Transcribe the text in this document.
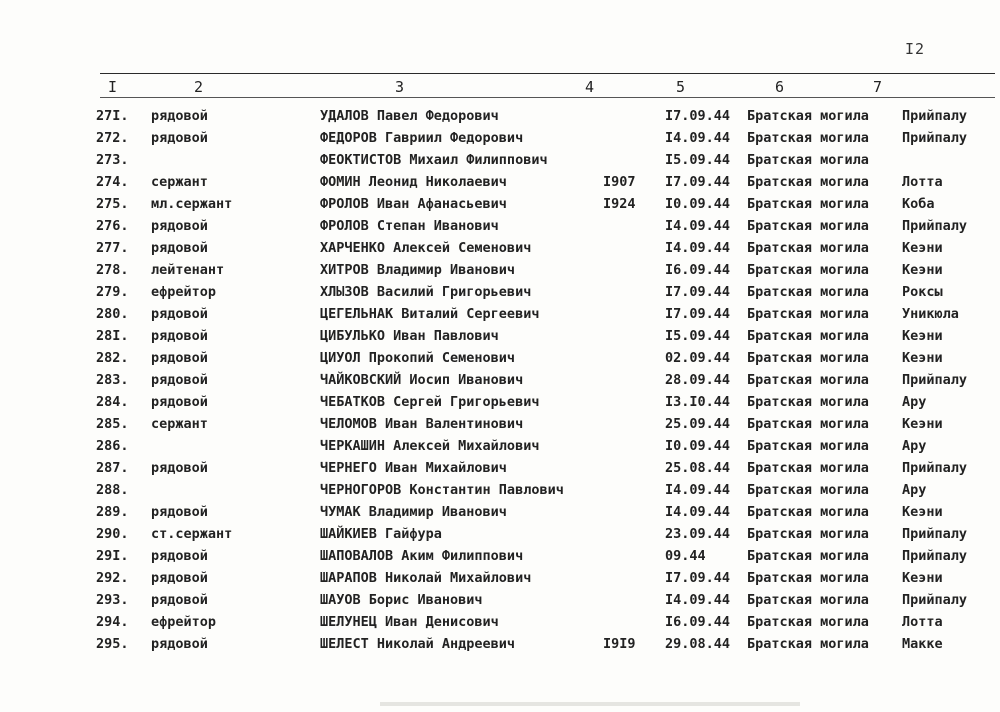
I2
I	2	3	4	5	6	7
27I. рядовой	УДАЛОВ Павел Федорович	I7.09.44 Братская могила Прийпалу
272. рядовой	ФЕДОРОВ Гавриил Федорович	I4.09.44 Братская могила Прийпалу
273.	ФЕОКТИСТОВ Михаил Филиппович	I5.09.44 Братская могила
274. сержант	ФОМИН Леонид Николаевич	I907 I7.09.44 Братская могила Лотта
275. мл.сержант	ФРОЛОВ Иван Афанасьевич	I924 I0.09.44 Братская могила Коба
276. рядовой	ФРОЛОВ Степан Иванович	I4.09.44 Братская могила Прийпалу
277. рядовой	ХАРЧЕНКО Алексей Семенович	I4.09.44 Братская могила Кеэни
278. лейтенант	ХИТРОВ Владимир Иванович	I6.09.44 Братская могила Кеэни
279. ефрейтор	ХЛЫЗОВ Василий Григорьевич	I7.09.44 Братская могила Роксы
280. рядовой	ЦЕГЕЛЬНАК Виталий Сергеевич	I7.09.44 Братская могила Уникюла
28I. рядовой	ЦИБУЛЬКО Иван Павлович	I5.09.44 Братская могила Кеэни
282. рядовой	ЦИУОЛ Прокопий Семенович	02.09.44 Братская могила Кеэни
283. рядовой	ЧАЙКОВСКИЙ Иосип Иванович	28.09.44 Братская могила Прийпалу
284. рядовой	ЧЕБАТКОВ Сергей Григорьевич	I3.I0.44 Братская могила Ару
285. сержант	ЧЕЛОМОВ Иван Валентинович	25.09.44 Братская могила Кеэни
286.	ЧЕРКАШИН Алексей Михайлович	I0.09.44 Братская могила Ару
287. рядовой	ЧЕРНЕГО Иван Михайлович	25.08.44 Братская могила Прийпалу
288.	ЧЕРНОГОРОВ Константин Павлович	I4.09.44 Братская могила Ару
289. рядовой	ЧУМАК Владимир Иванович	I4.09.44 Братская могила Кеэни
290. ст.сержант	ШАЙКИЕВ Гайфура	23.09.44 Братская могила Прийпалу
29I. рядовой	ШАПОВАЛОВ Аким Филиппович	09.44	Братская могила Прийпалу
292. рядовой	ШАРАПОВ Николай Михайлович	I7.09.44 Братская могила Кеэни
293. рядовой	ШАУОВ Борис Иванович	I4.09.44 Братская могила Прийпалу
294. ефрейтор	ШЕЛУНЕЦ Иван Денисович	I6.09.44 Братская могила Лотта
295. рядовой	ШЕЛЕСТ Николай Андреевич	I9I9 29.08.44 Братская могила Макке
